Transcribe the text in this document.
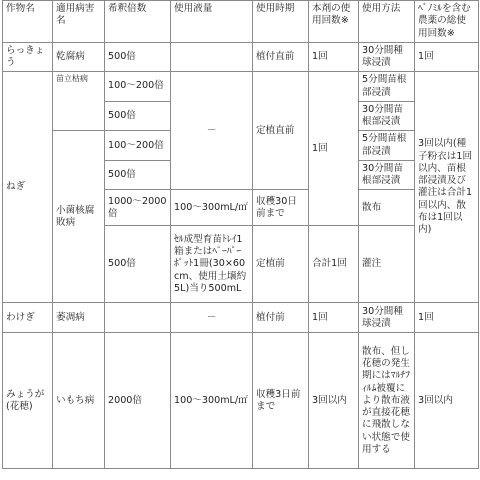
作物名	適用病害名	希釈倍数	使用液量	使用時期	本剤の使用回数※	使用方法	ﾍﾞﾉﾐﾙを含む農薬の総使用回数※
らっきょう	乾腐病	500倍		植付直前	1回	30分間種球浸漬	1回
ねぎ	苗立枯病	100～200倍	－	定植直前	1回	5分間苗根部浸漬	3回以内(種子粉衣は1回以内、苗根部浸漬及び灌注は合計1回以内、散布は1回以内)
		500倍				30分間苗根部浸漬	
	小菌核腐敗病	100～200倍				5分間苗根部浸漬	
		500倍				30分間苗根部浸漬	
		1000～2000倍	100～300mL/㎡	収穫30日前まで		散布	
		500倍	ｾﾙ成型育苗ﾄﾚｲ1箱またはﾍﾟｰﾊﾟｰﾎﾟｯﾄ1冊(30×60cm、使用土壌約5L)当り500mL	定植前	合計1回	灌注	

わけぎ	萎凋病		－	植付前	1回	30分間種球浸漬	1回
みょうが(花穂)	いもち病	2000倍	100～300mL/㎡	収穫3日前まで	3回以内	散布、但し花穂の発生期にはﾏﾙﾁﾌｨﾙﾑ被覆により散布液が直接花穂に飛散しない状態で使用する	3回以内
